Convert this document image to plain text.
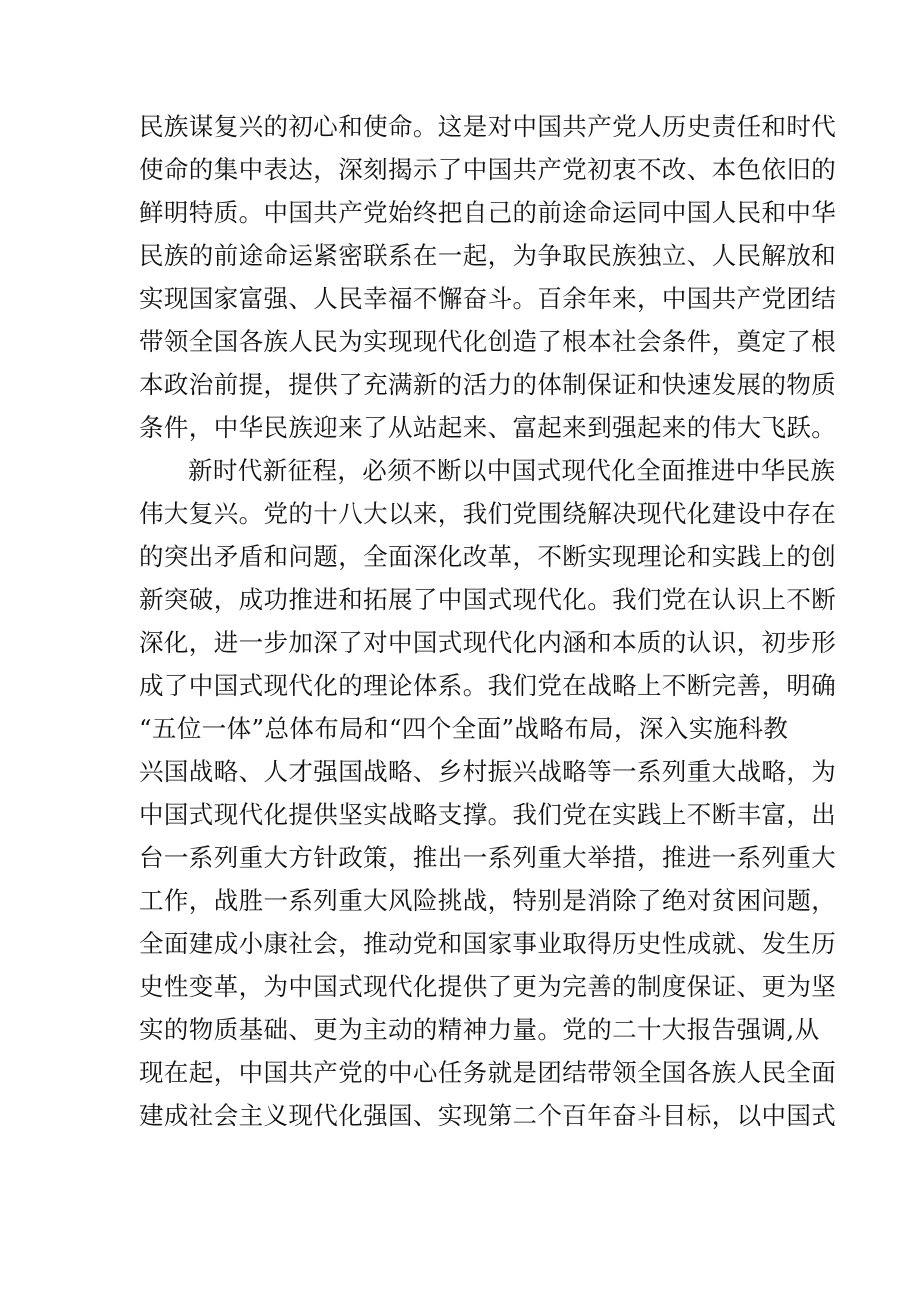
民族谋复兴的初心和使命。这是对中国共产党人历史责任和时代
使命的集中表达，深刻揭示了中国共产党初衷不改、本色依旧的
鲜明特质。中国共产党始终把自己的前途命运同中国人民和中华
民族的前途命运紧密联系在一起，为争取民族独立、人民解放和
实现国家富强、人民幸福不懈奋斗。百余年来，中国共产党团结
带领全国各族人民为实现现代化创造了根本社会条件，奠定了根
本政治前提，提供了充满新的活力的体制保证和快速发展的物质
条件，中华民族迎来了从站起来、富起来到强起来的伟大飞跃。
新时代新征程，必须不断以中国式现代化全面推进中华民族
伟大复兴。党的十八大以来，我们党围绕解决现代化建设中存在
的突出矛盾和问题，全面深化改革，不断实现理论和实践上的创
新突破，成功推进和拓展了中国式现代化。我们党在认识上不断
深化，进一步加深了对中国式现代化内涵和本质的认识，初步形
成了中国式现代化的理论体系。我们党在战略上不断完善，明确
“五位一体”总体布局和“四个全面”战略布局，深入实施科教
兴国战略、人才强国战略、乡村振兴战略等一系列重大战略，为
中国式现代化提供坚实战略支撑。我们党在实践上不断丰富，出
台一系列重大方针政策，推出一系列重大举措，推进一系列重大
工作，战胜一系列重大风险挑战，特别是消除了绝对贫困问题，
全面建成小康社会，推动党和国家事业取得历史性成就、发生历
史性变革，为中国式现代化提供了更为完善的制度保证、更为坚
实的物质基础、更为主动的精神力量。党的二十大报告强调,从
现在起，中国共产党的中心任务就是团结带领全国各族人民全面
建成社会主义现代化强国、实现第二个百年奋斗目标，以中国式
